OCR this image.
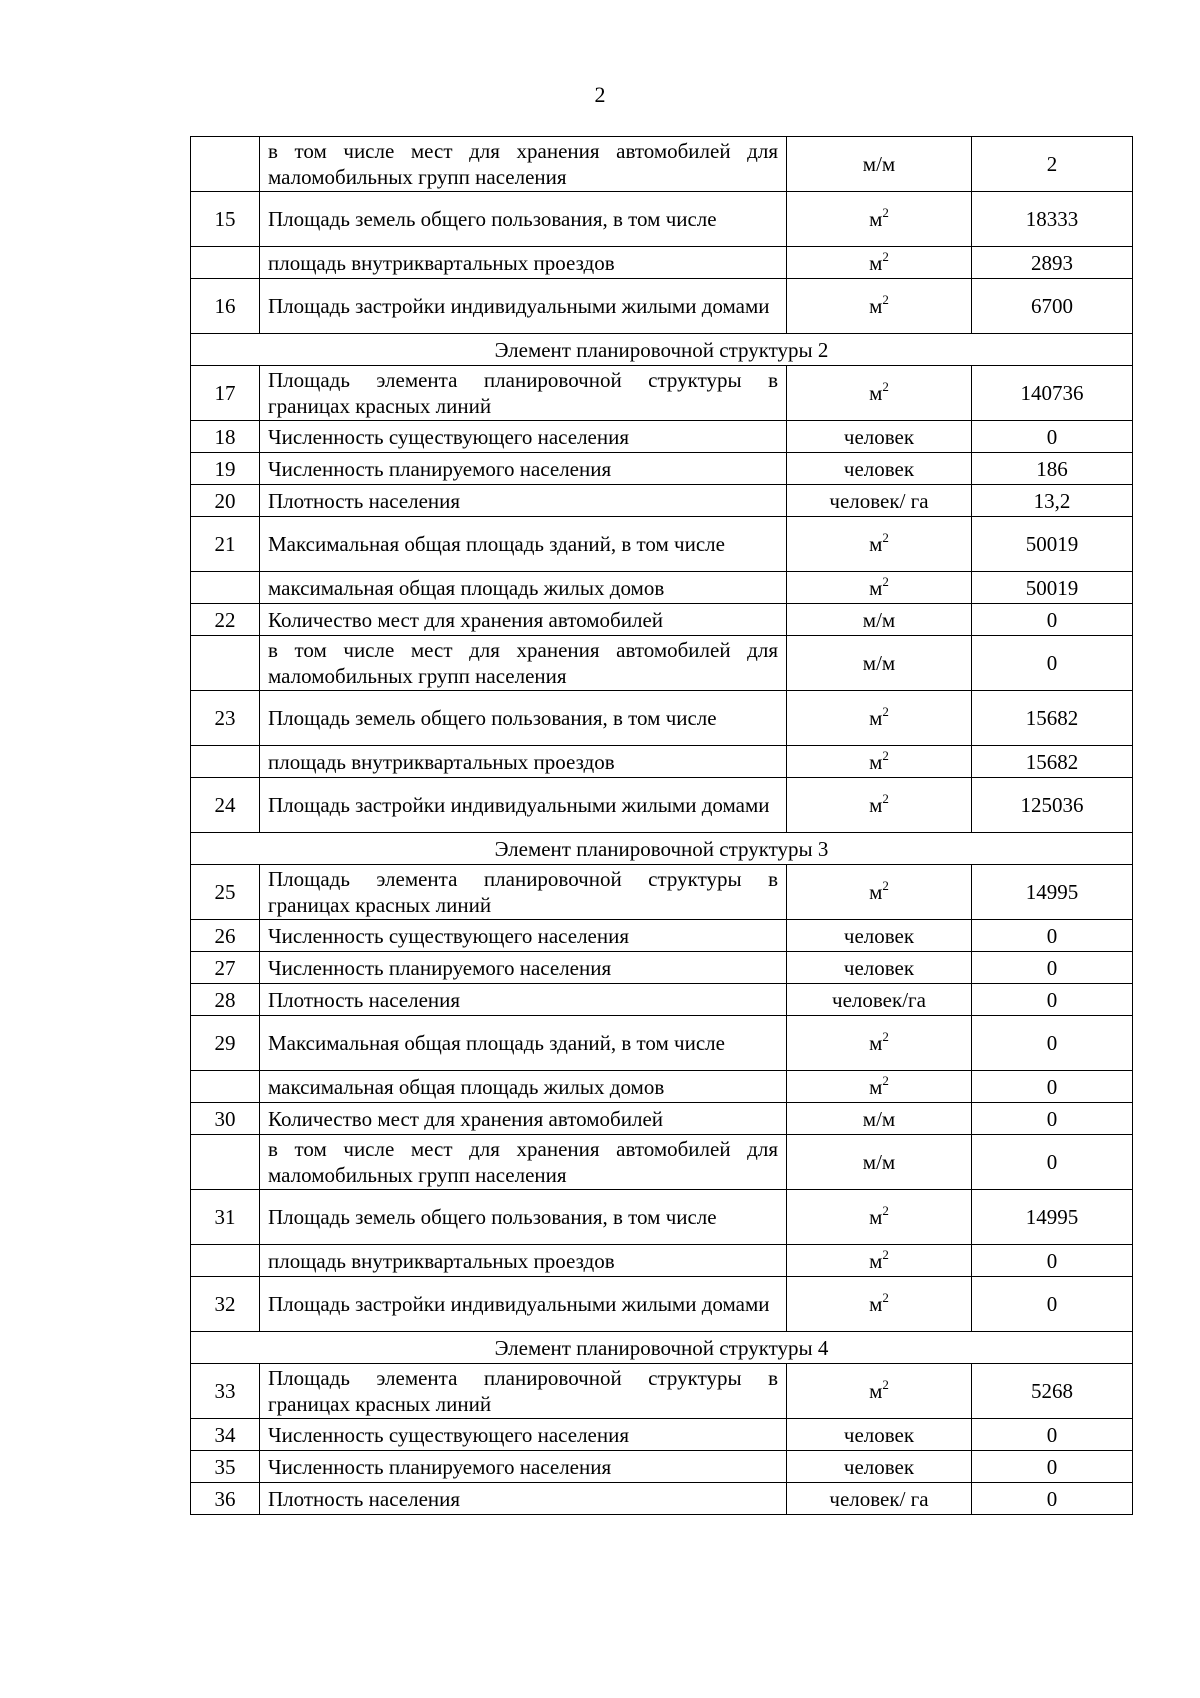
2
	в том числе мест для хранения автомобилей для маломобильных групп населения	м/м	2
15	Площадь земель общего пользования, в том числе	$м^2$	18333
	площадь внутриквартальных проездов	$м^2$	2893
16	Площадь застройки индивидуальными жилыми домами	$м^2$	6700
Элемент планировочной структуры 2			
17	Площадь элемента планировочной структуры в границах красных линий	$м^2$	140736
18	Численность существующего населения	человек	0
19	Численность планируемого населения	человек	186
20	Плотность населения	человек/ га	13,2
21	Максимальная общая площадь зданий, в том числе	$м^2$	50019
	максимальная общая площадь жилых домов	$м^2$	50019
22	Количество мест для хранения автомобилей	м/м	0
	в том числе мест для хранения автомобилей для маломобильных групп населения	м/м	0
23	Площадь земель общего пользования, в том числе	$м^2$	15682
	площадь внутриквартальных проездов	$м^2$	15682
24	Площадь застройки индивидуальными жилыми домами	$м^2$	125036
Элемент планировочной структуры 3			
25	Площадь элемента планировочной структуры в границах красных линий	$м^2$	14995
26	Численность существующего населения	человек	0
27	Численность планируемого населения	человек	0
28	Плотность населения	человек/га	0
29	Максимальная общая площадь зданий, в том числе	$м^2$	0
	максимальная общая площадь жилых домов	$м^2$	0
30	Количество мест для хранения автомобилей	м/м	0
	в том числе мест для хранения автомобилей для маломобильных групп населения	м/м	0
31	Площадь земель общего пользования, в том числе	$м^2$	14995
	площадь внутриквартальных проездов	$м^2$	0
32	Площадь застройки индивидуальными жилыми домами	$м^2$	0
Элемент планировочной структуры 4			
33	Площадь элемента планировочной структуры в границах красных линий	$м^2$	5268
34	Численность существующего населения	человек	0
35	Численность планируемого населения	человек	0
36	Плотность населения	человек/ га	0
